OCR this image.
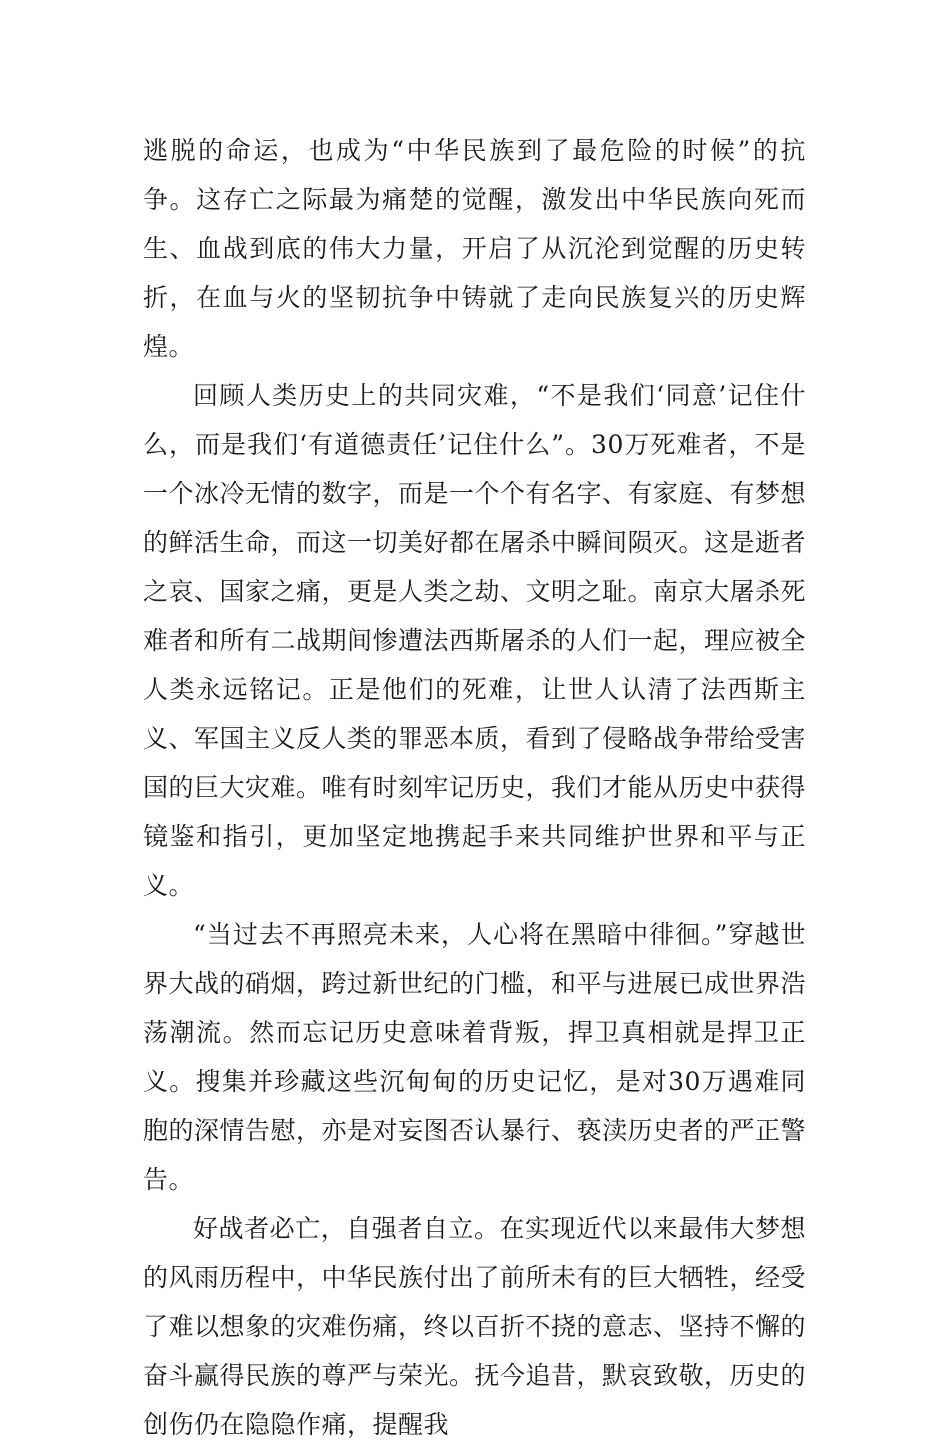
逃脱的命运，也成为“中华民族到了最危险的时候”的抗争。这存亡之际最为痛楚的觉醒，激发出中华民族向死而生、血战到底的伟大力量，开启了从沉沦到觉醒的历史转折，在血与火的坚韧抗争中铸就了走向民族复兴的历史辉煌。

回顾人类历史上的共同灾难，“不是我们‘同意’记住什么，而是我们‘有道德责任’记住什么”。30万死难者，不是一个冰冷无情的数字，而是一个个有名字、有家庭、有梦想的鲜活生命，而这一切美好都在屠杀中瞬间陨灭。这是逝者之哀、国家之痛，更是人类之劫、文明之耻。南京大屠杀死难者和所有二战期间惨遭法西斯屠杀的人们一起，理应被全人类永远铭记。正是他们的死难，让世人认清了法西斯主义、军国主义反人类的罪恶本质，看到了侵略战争带给受害国的巨大灾难。唯有时刻牢记历史，我们才能从历史中获得镜鉴和指引，更加坚定地携起手来共同维护世界和平与正义。

“当过去不再照亮未来，人心将在黑暗中徘徊。”穿越世界大战的硝烟，跨过新世纪的门槛，和平与进展已成世界浩荡潮流。然而忘记历史意味着背叛，捍卫真相就是捍卫正义。搜集并珍藏这些沉甸甸的历史记忆，是对30万遇难同胞的深情告慰，亦是对妄图否认暴行、亵渎历史者的严正警告。

好战者必亡，自强者自立。在实现近代以来最伟大梦想的风雨历程中，中华民族付出了前所未有的巨大牺牲，经受了难以想象的灾难伤痛，终以百折不挠的意志、坚持不懈的奋斗赢得民族的尊严与荣光。抚今追昔，默哀致敬，历史的创伤仍在隐隐作痛，提醒我
